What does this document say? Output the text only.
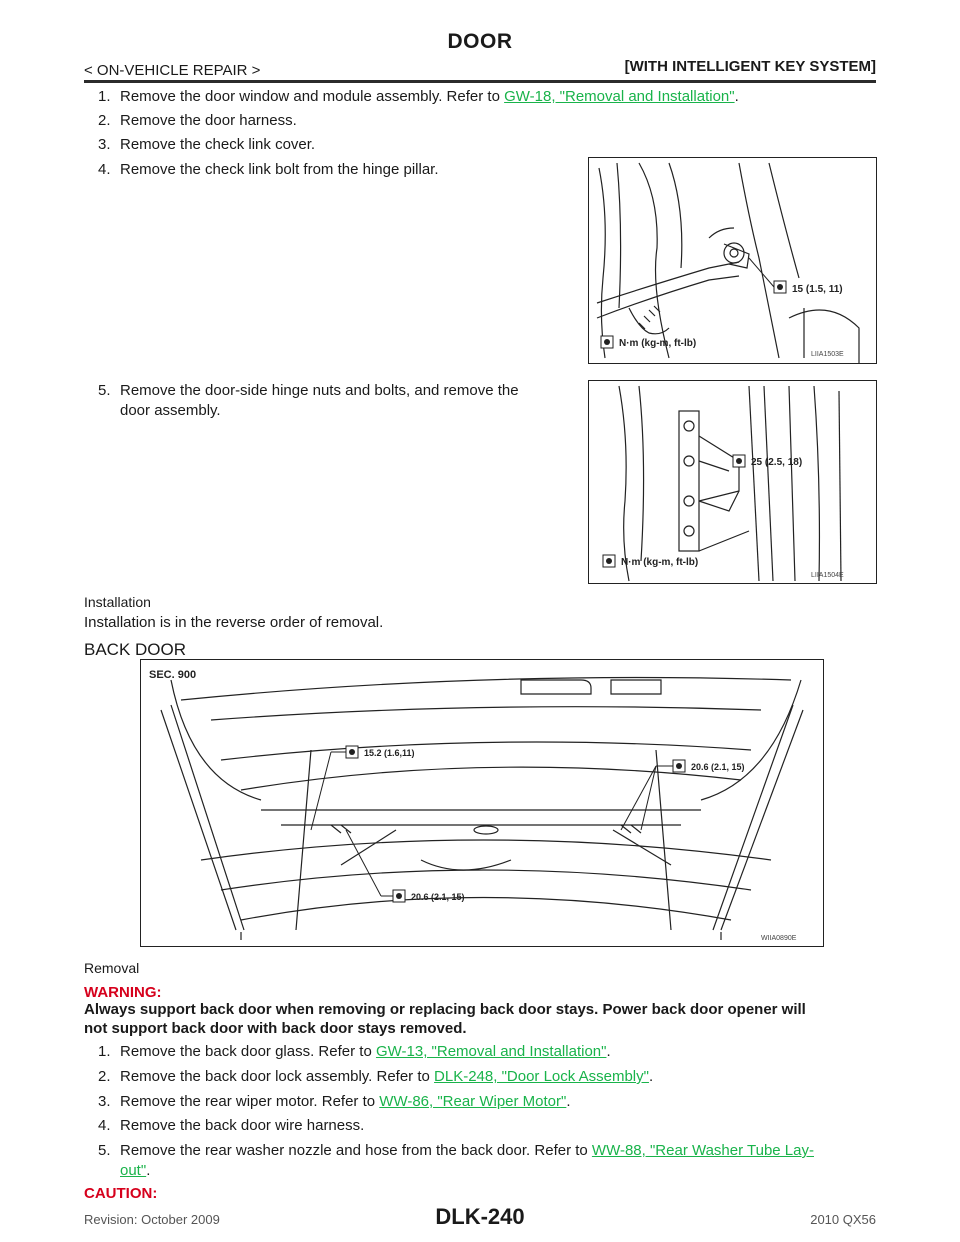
DOOR
< ON-VEHICLE REPAIR >	[WITH INTELLIGENT KEY SYSTEM]
1. Remove the door window and module assembly. Refer to GW-18, "Removal and Installation".
2. Remove the door harness.
3. Remove the check link cover.
4. Remove the check link bolt from the hinge pillar.
5. Remove the door-side hinge nuts and bolts, and remove the
door assembly.
15 (1.5, 11)
N·m (kg-m, ft-lb)
LIIA1503E
25 (2.5, 18)
N·m (kg-m, ft-lb)
LIIA1504E
Installation
Installation is in the reverse order of removal.
BACK DOOR
SEC. 900
15.2 (1.6,11)
20.6 (2.1, 15)
20.6 (2.1, 15)
WIIA0890E
Removal
WARNING:
Always support back door when removing or replacing back door stays. Power back door opener will
not support back door with back door stays removed.
1. Remove the back door glass. Refer to GW-13, "Removal and Installation".
2. Remove the back door lock assembly. Refer to DLK-248, "Door Lock Assembly".
3. Remove the rear wiper motor. Refer to WW-86, "Rear Wiper Motor".
4. Remove the back door wire harness.
5. Remove the rear washer nozzle and hose from the back door. Refer to WW-88, "Rear Washer Tube Lay-
out".
CAUTION:
Revision: October 2009	DLK-240	2010 QX56
